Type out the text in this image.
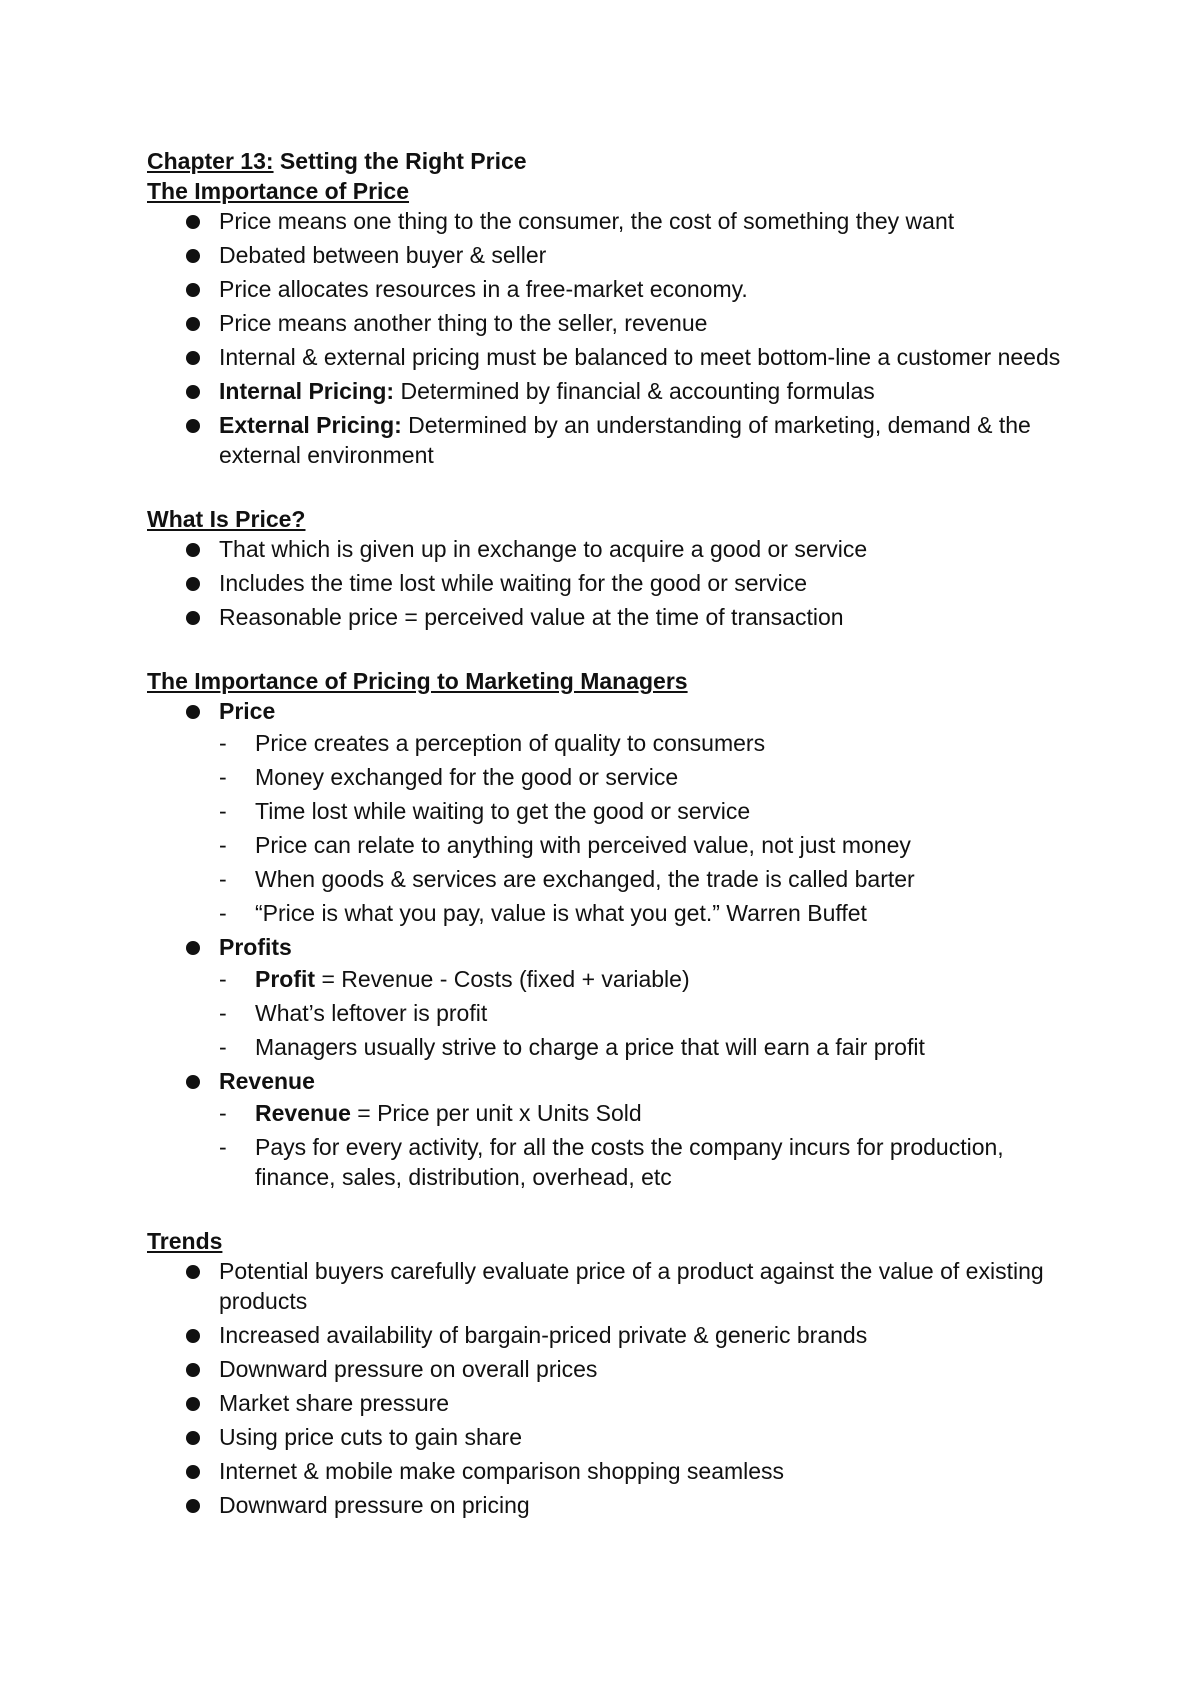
Chapter 13: Setting the Right Price

The Importance of Price

Price means one thing to the consumer, the cost of something they want
Debated between buyer & seller
Price allocates resources in a free-market economy.
Price means another thing to the seller, revenue
Internal & external pricing must be balanced to meet bottom-line a customer needs
Internal Pricing: Determined by financial & accounting formulas
External Pricing: Determined by an understanding of marketing, demand & the external environment

What Is Price?

That which is given up in exchange to acquire a good or service
Includes the time lost while waiting for the good or service
Reasonable price = perceived value at the time of transaction

The Importance of Pricing to Marketing Managers

Price
- Price creates a perception of quality to consumers
- Money exchanged for the good or service
- Time lost while waiting to get the good or service
- Price can relate to anything with perceived value, not just money
- When goods & services are exchanged, the trade is called barter
- “Price is what you pay, value is what you get.” Warren Buffet
Profits
- Profit = Revenue - Costs (fixed + variable)
- What’s leftover is profit
- Managers usually strive to charge a price that will earn a fair profit
Revenue
- Revenue = Price per unit x Units Sold
- Pays for every activity, for all the costs the company incurs for production, finance, sales, distribution, overhead, etc

Trends

Potential buyers carefully evaluate price of a product against the value of existing products
Increased availability of bargain-priced private & generic brands
Downward pressure on overall prices
Market share pressure
Using price cuts to gain share
Internet & mobile make comparison shopping seamless
Downward pressure on pricing
